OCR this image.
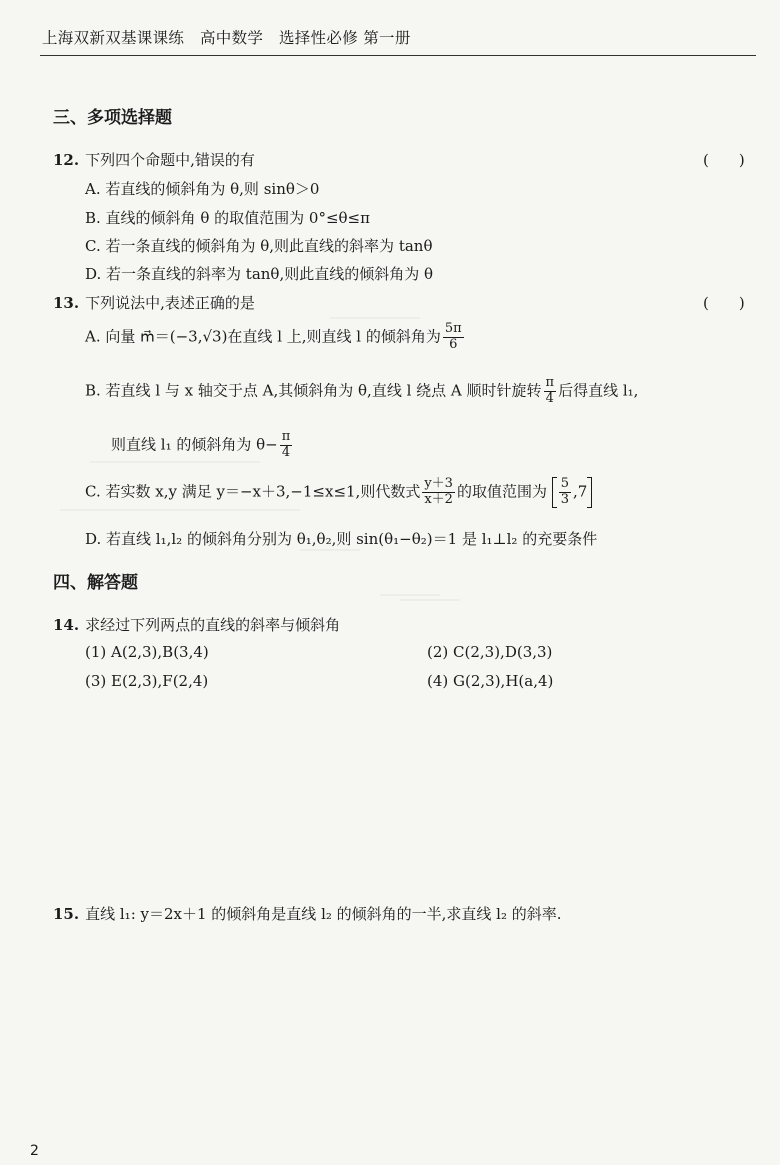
上海双新双基课课练　高中数学　选择性必修 第一册
三、多项选择题
12. 下列四个命题中,错误的有	(　　)
A. 若直线的倾斜角为 θ,则 sinθ＞0
B. 直线的倾斜角 θ 的取值范围为 0°≤θ≤π
C. 若一条直线的倾斜角为 θ,则此直线的斜率为 tanθ
D. 若一条直线的斜率为 tanθ,则此直线的倾斜角为 θ
13. 下列说法中,表述正确的是	(　　)
A. 向量 m⃗＝(−3,√3)在直线 l 上,则直线 l 的倾斜角为 $\frac{5\pi}{6}$
B. 若直线 l 与 x 轴交于点 A,其倾斜角为 θ,直线 l 绕点 A 顺时针旋转 $\frac{\pi}{4}$ 后得直线 l₁,
则直线 l₁ 的倾斜角为 $\theta- \frac{\pi}{4}$
C. 若实数 x,y 满足 y＝−x＋3,−1≤x≤1,则代数式 $\frac{y+3}{x+2}$ 的取值范围为 $\frac{5}{3} ,7$
D. 若直线 l₁,l₂ 的倾斜角分别为 θ₁,θ₂,则 sin(θ₁−θ₂)＝1 是 l₁⊥l₂ 的充要条件
四、解答题
14. 求经过下列两点的直线的斜率与倾斜角
(1) A(2,3),B(3,4)	(2) C(2,3),D(3,3)
(3) E(2,3),F(2,4)	(4) G(2,3),H(a,4)
15. 直线 l₁: y＝2x＋1 的倾斜角是直线 l₂ 的倾斜角的一半,求直线 l₂ 的斜率.
2
